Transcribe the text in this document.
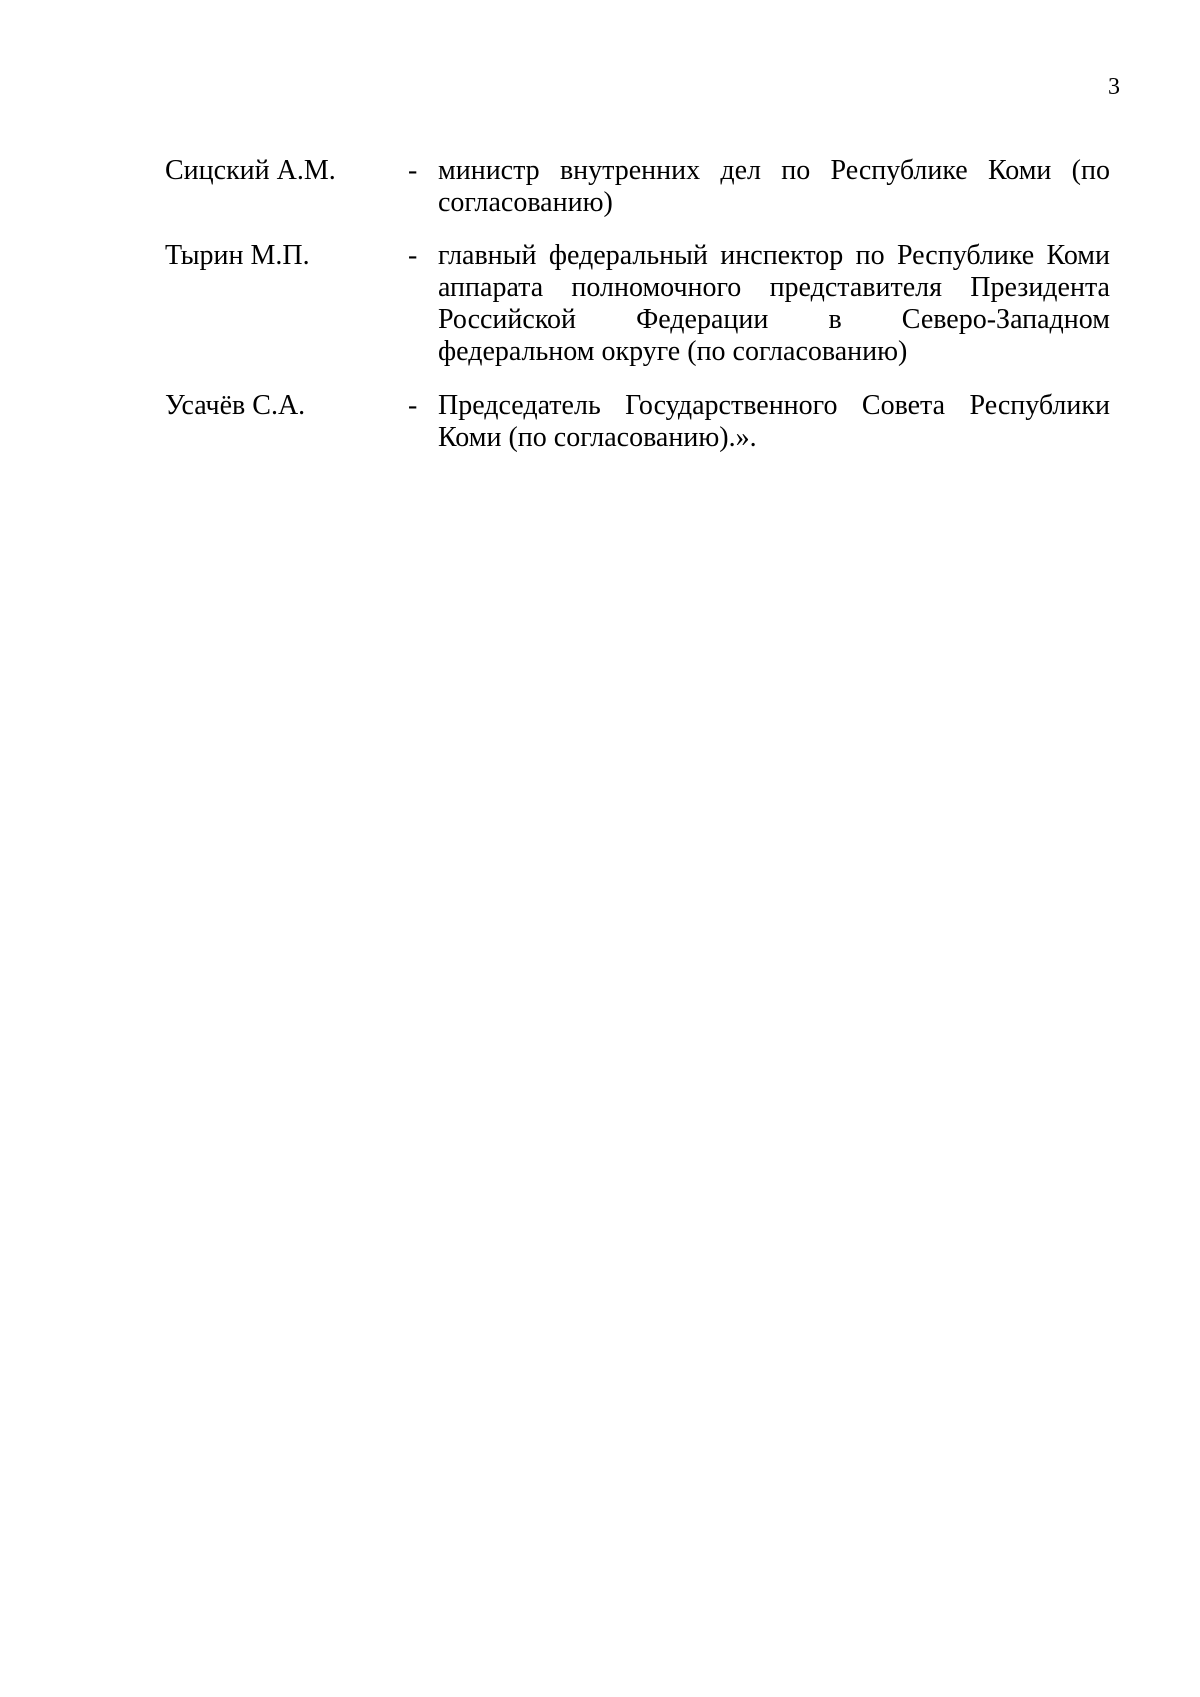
3
Сицский А.М.	- министр внутренних дел по Республике Коми (по
согласованию)
Тырин М.П.	- главный федеральный инспектор по Республике Коми
аппарата полномочного представителя Президента
Российской Федерации в Северо-Западном
федеральном округе (по согласованию)
Усачёв С.А.	- Председатель Государственного Совета Республики
Коми (по согласованию).».
